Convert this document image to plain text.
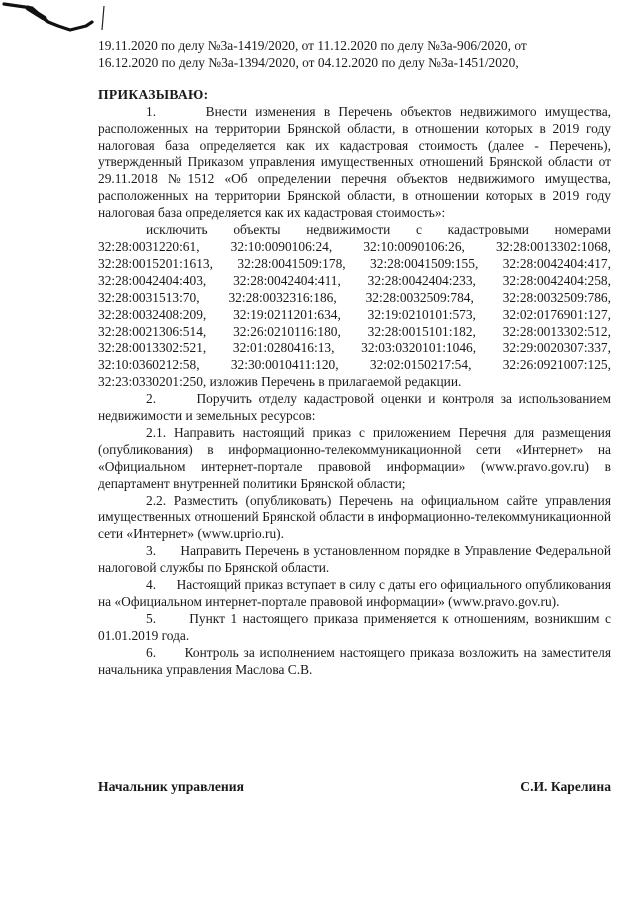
19.11.2020 по делу №3а-1419/2020, от 11.12.2020 по делу №3а-906/2020, от

16.12.2020 по делу №3а-1394/2020, от 04.12.2020 по делу №3а-1451/2020,

ПРИКАЗЫВАЮ:

1.      Внести изменения в Перечень объектов недвижимого имущества, расположенных на территории Брянской области, в отношении которых в 2019 году налоговая база определяется как их кадастровая стоимость (далее - Перечень), утвержденный Приказом управления имущественных отношений Брянской области от 29.11.2018 №1512 «Об определении перечня объектов недвижимого имущества, расположенных на территории Брянской области, в отношении которых в 2019 году налоговая база определяется как их кадастровая стоимость»:

исключить объекты недвижимости с кадастровыми номерами
32:28:0031220:61, 32:10:0090106:24, 32:10:0090106:26, 32:28:0013302:1068,
32:28:0015201:1613, 32:28:0041509:178, 32:28:0041509:155, 32:28:0042404:417,
32:28:0042404:403, 32:28:0042404:411, 32:28:0042404:233, 32:28:0042404:258,
32:28:0031513:70, 32:28:0032316:186, 32:28:0032509:784, 32:28:0032509:786,
32:28:0032408:209, 32:19:0211201:634, 32:19:0210101:573, 32:02:0176901:127,
32:28:0021306:514, 32:26:0210116:180, 32:28:0015101:182, 32:28:0013302:512,
32:28:0013302:521, 32:01:0280416:13, 32:03:0320101:1046, 32:29:0020307:337,
32:10:0360212:58, 32:30:0010411:120, 32:02:0150217:54, 32:26:0921007:125,

32:23:0330201:250, изложив Перечень в прилагаемой редакции.

2.      Поручить отделу кадастровой оценки и контроля за использованием недвижимости и земельных ресурсов:

2.1. Направить настоящий приказ с приложением Перечня для размещения (опубликования) в информационно-телекоммуникационной сети «Интернет» на «Официальном интернет-портале правовой информации» (www.pravo.gov.ru) в департамент внутренней политики Брянской области;

2.2. Разместить (опубликовать) Перечень на официальном сайте управления имущественных отношений Брянской области в информационно-телекоммуникационной сети «Интернет» (www.uprio.ru).

3.      Направить Перечень в установленном порядке в Управление Федеральной налоговой службы по Брянской области.

4.      Настоящий приказ вступает в силу с даты его официального опубликования на «Официальном интернет-портале правовой информации» (www.pravo.gov.ru).

5.      Пункт 1 настоящего приказа применяется к отношениям, возникшим с 01.01.2019 года.

6.      Контроль за исполнением настоящего приказа возложить на заместителя начальника управления Маслова С.В.

Начальник управления	С.И. Карелина
